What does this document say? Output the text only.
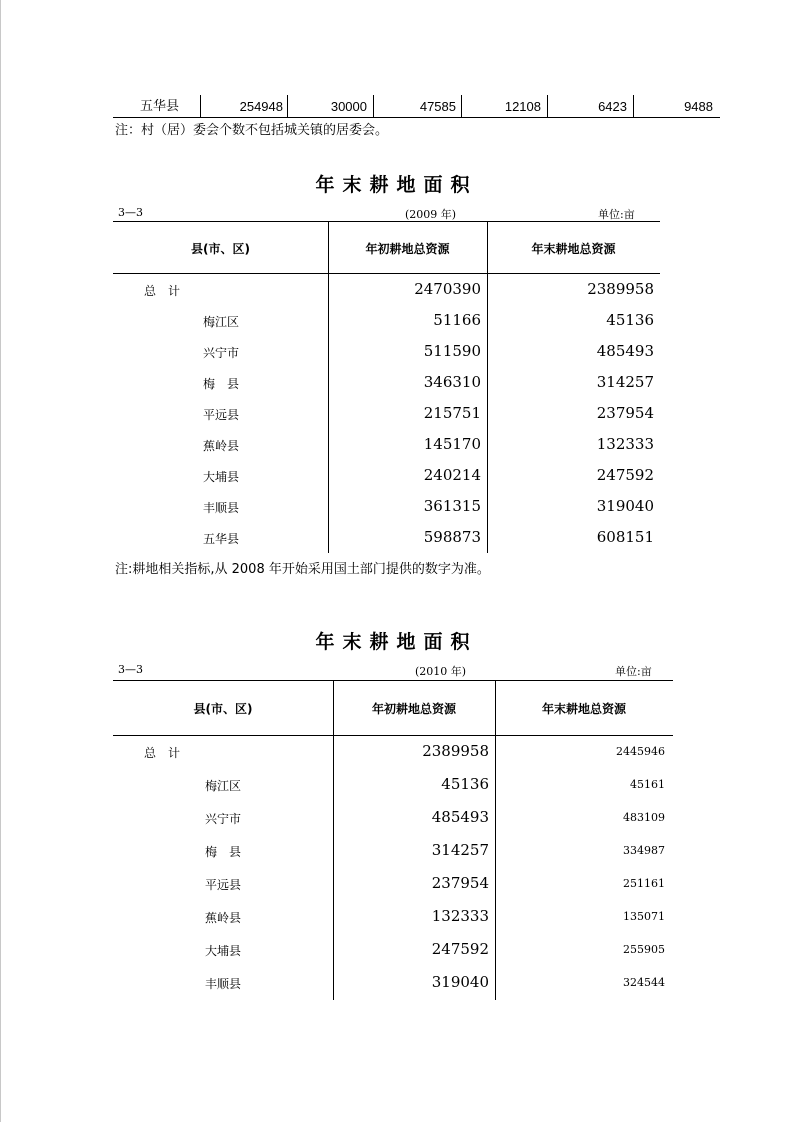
五华县	254948	30000	47585	12108	6423	9488
注：村（居）委会个数不包括城关镇的居委会。
年末耕地面积
3—3	(2009 年)	单位:亩
县(市、区)	年初耕地总资源	年末耕地总资源
总　计	2470390	2389958
梅江区	51166	45136
兴宁市	511590	485493
梅　县	346310	314257
平远县	215751	237954
蕉岭县	145170	132333
大埔县	240214	247592
丰顺县	361315	319040
五华县	598873	608151
注:耕地相关指标,从 2008 年开始采用国土部门提供的数字为准。
年末耕地面积
3—3	(2010 年)	单位:亩
县(市、区)	年初耕地总资源	年末耕地总资源
总　计	2389958	2445946
梅江区	45136	45161
兴宁市	485493	483109
梅　县	314257	334987
平远县	237954	251161
蕉岭县	132333	135071
大埔县	247592	255905
丰顺县	319040	324544
